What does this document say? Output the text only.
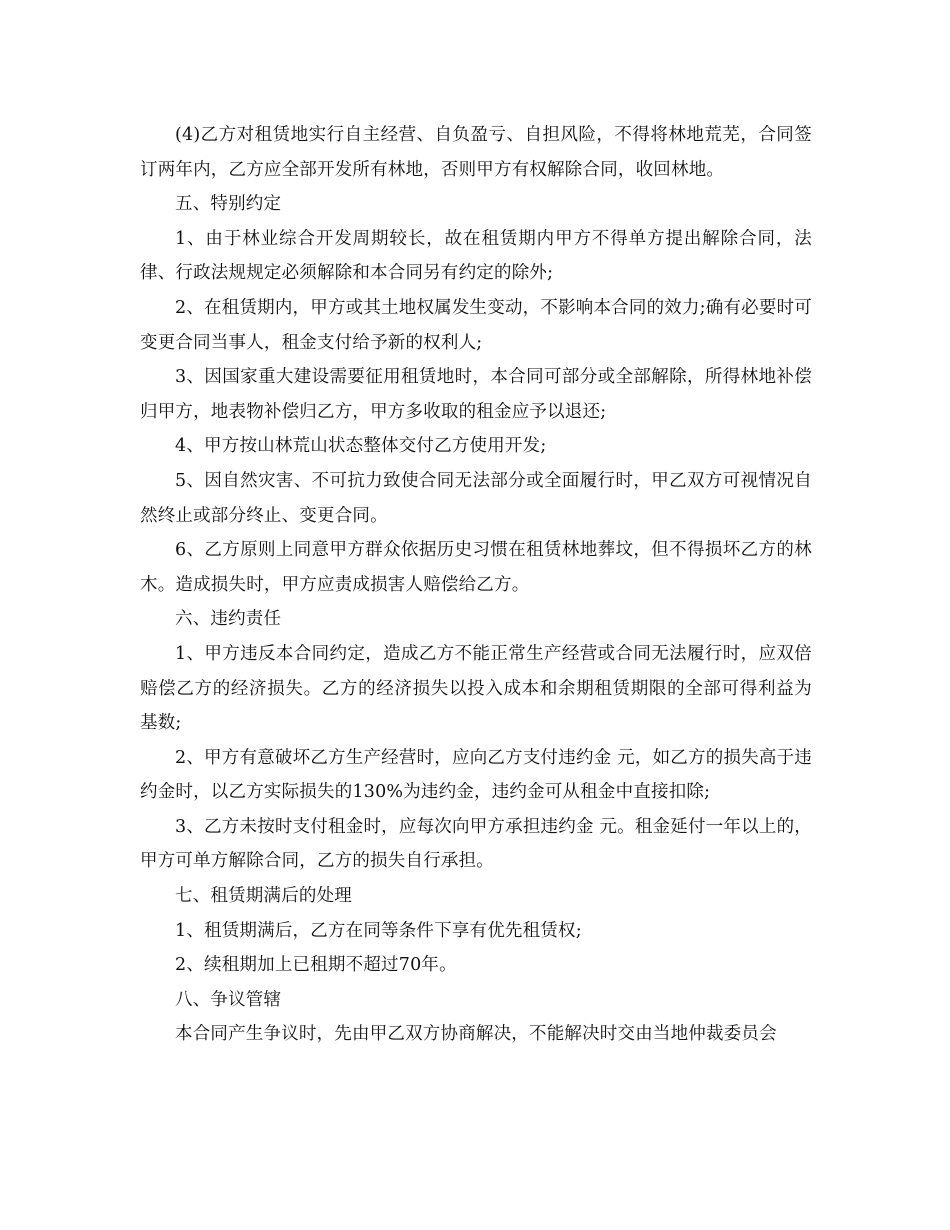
(4)乙方对租赁地实行自主经营、自负盈亏、自担风险，不得将林地荒芜，合同签订两年内，乙方应全部开发所有林地，否则甲方有权解除合同，收回林地。

五、特别约定

1、由于林业综合开发周期较长，故在租赁期内甲方不得单方提出解除合同，法律、行政法规规定必须解除和本合同另有约定的除外;

2、在租赁期内，甲方或其土地权属发生变动，不影响本合同的效力;确有必要时可变更合同当事人，租金支付给予新的权利人;

3、因国家重大建设需要征用租赁地时，本合同可部分或全部解除，所得林地补偿归甲方，地表物补偿归乙方，甲方多收取的租金应予以退还;

4、甲方按山林荒山状态整体交付乙方使用开发;

5、因自然灾害、不可抗力致使合同无法部分或全面履行时，甲乙双方可视情况自然终止或部分终止、变更合同。

6、乙方原则上同意甲方群众依据历史习惯在租赁林地葬坟，但不得损坏乙方的林木。造成损失时，甲方应责成损害人赔偿给乙方。

六、违约责任

1、甲方违反本合同约定，造成乙方不能正常生产经营或合同无法履行时，应双倍赔偿乙方的经济损失。乙方的经济损失以投入成本和余期租赁期限的全部可得利益为基数;

2、甲方有意破坏乙方生产经营时，应向乙方支付违约金 元，如乙方的损失高于违约金时，以乙方实际损失的130%为违约金，违约金可从租金中直接扣除;

3、乙方未按时支付租金时，应每次向甲方承担违约金 元。租金延付一年以上的，甲方可单方解除合同，乙方的损失自行承担。

七、租赁期满后的处理

1、租赁期满后，乙方在同等条件下享有优先租赁权;

2、续租期加上已租期不超过70年。

八、争议管辖

本合同产生争议时，先由甲乙双方协商解决，不能解决时交由当地仲裁委员会
